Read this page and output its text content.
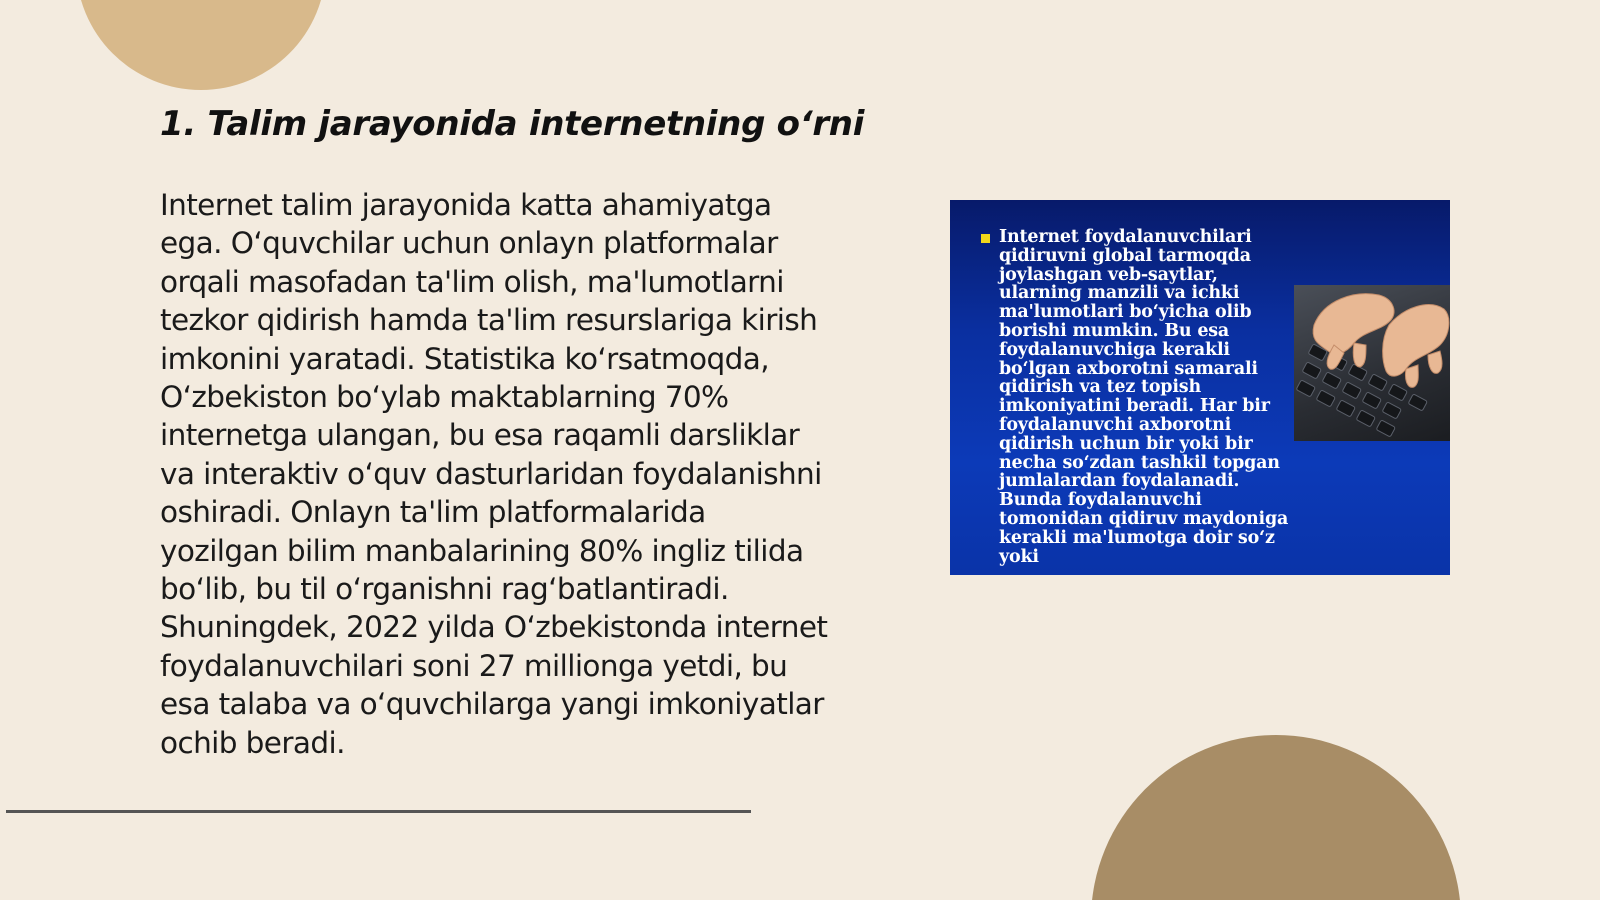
1. Talim jarayonida internetning o‘rni

Internet talim jarayonida katta ahamiyatga ega. O‘quvchilar uchun onlayn platformalar orqali masofadan ta'lim olish, ma'lumotlarni tezkor qidirish hamda ta'lim resurslariga kirish imkonini yaratadi. Statistika ko‘rsatmoqda, O‘zbekiston bo‘ylab maktablarning 70% internetga ulangan, bu esa raqamli darsliklar va interaktiv o‘quv dasturlaridan foydalanishni oshiradi. Onlayn ta'lim platformalarida yozilgan bilim manbalarining 80% ingliz tilida bo‘lib, bu til o‘rganishni rag‘batlantiradi. Shuningdek, 2022 yilda O‘zbekistonda internet foydalanuvchilari soni 27 millionga yetdi, bu esa talaba va o‘quvchilarga yangi imkoniyatlar ochib beradi.

Internet foydalanuvchilari qidiruvni global tarmoqda joylashgan veb-saytlar, ularning manzili va ichki ma'lumotlari bo‘yicha olib borishi mumkin. Bu esa foydalanuvchiga kerakli bo‘lgan axborotni samarali qidirish va tez topish imkoniyatini beradi. Har bir foydalanuvchi axborotni qidirish uchun bir yoki bir necha so‘zdan tashkil topgan jumlalardan foydalanadi. Bunda foydalanuvchi tomonidan qidiruv maydoniga kerakli ma'lumotga doir so‘z yoki
